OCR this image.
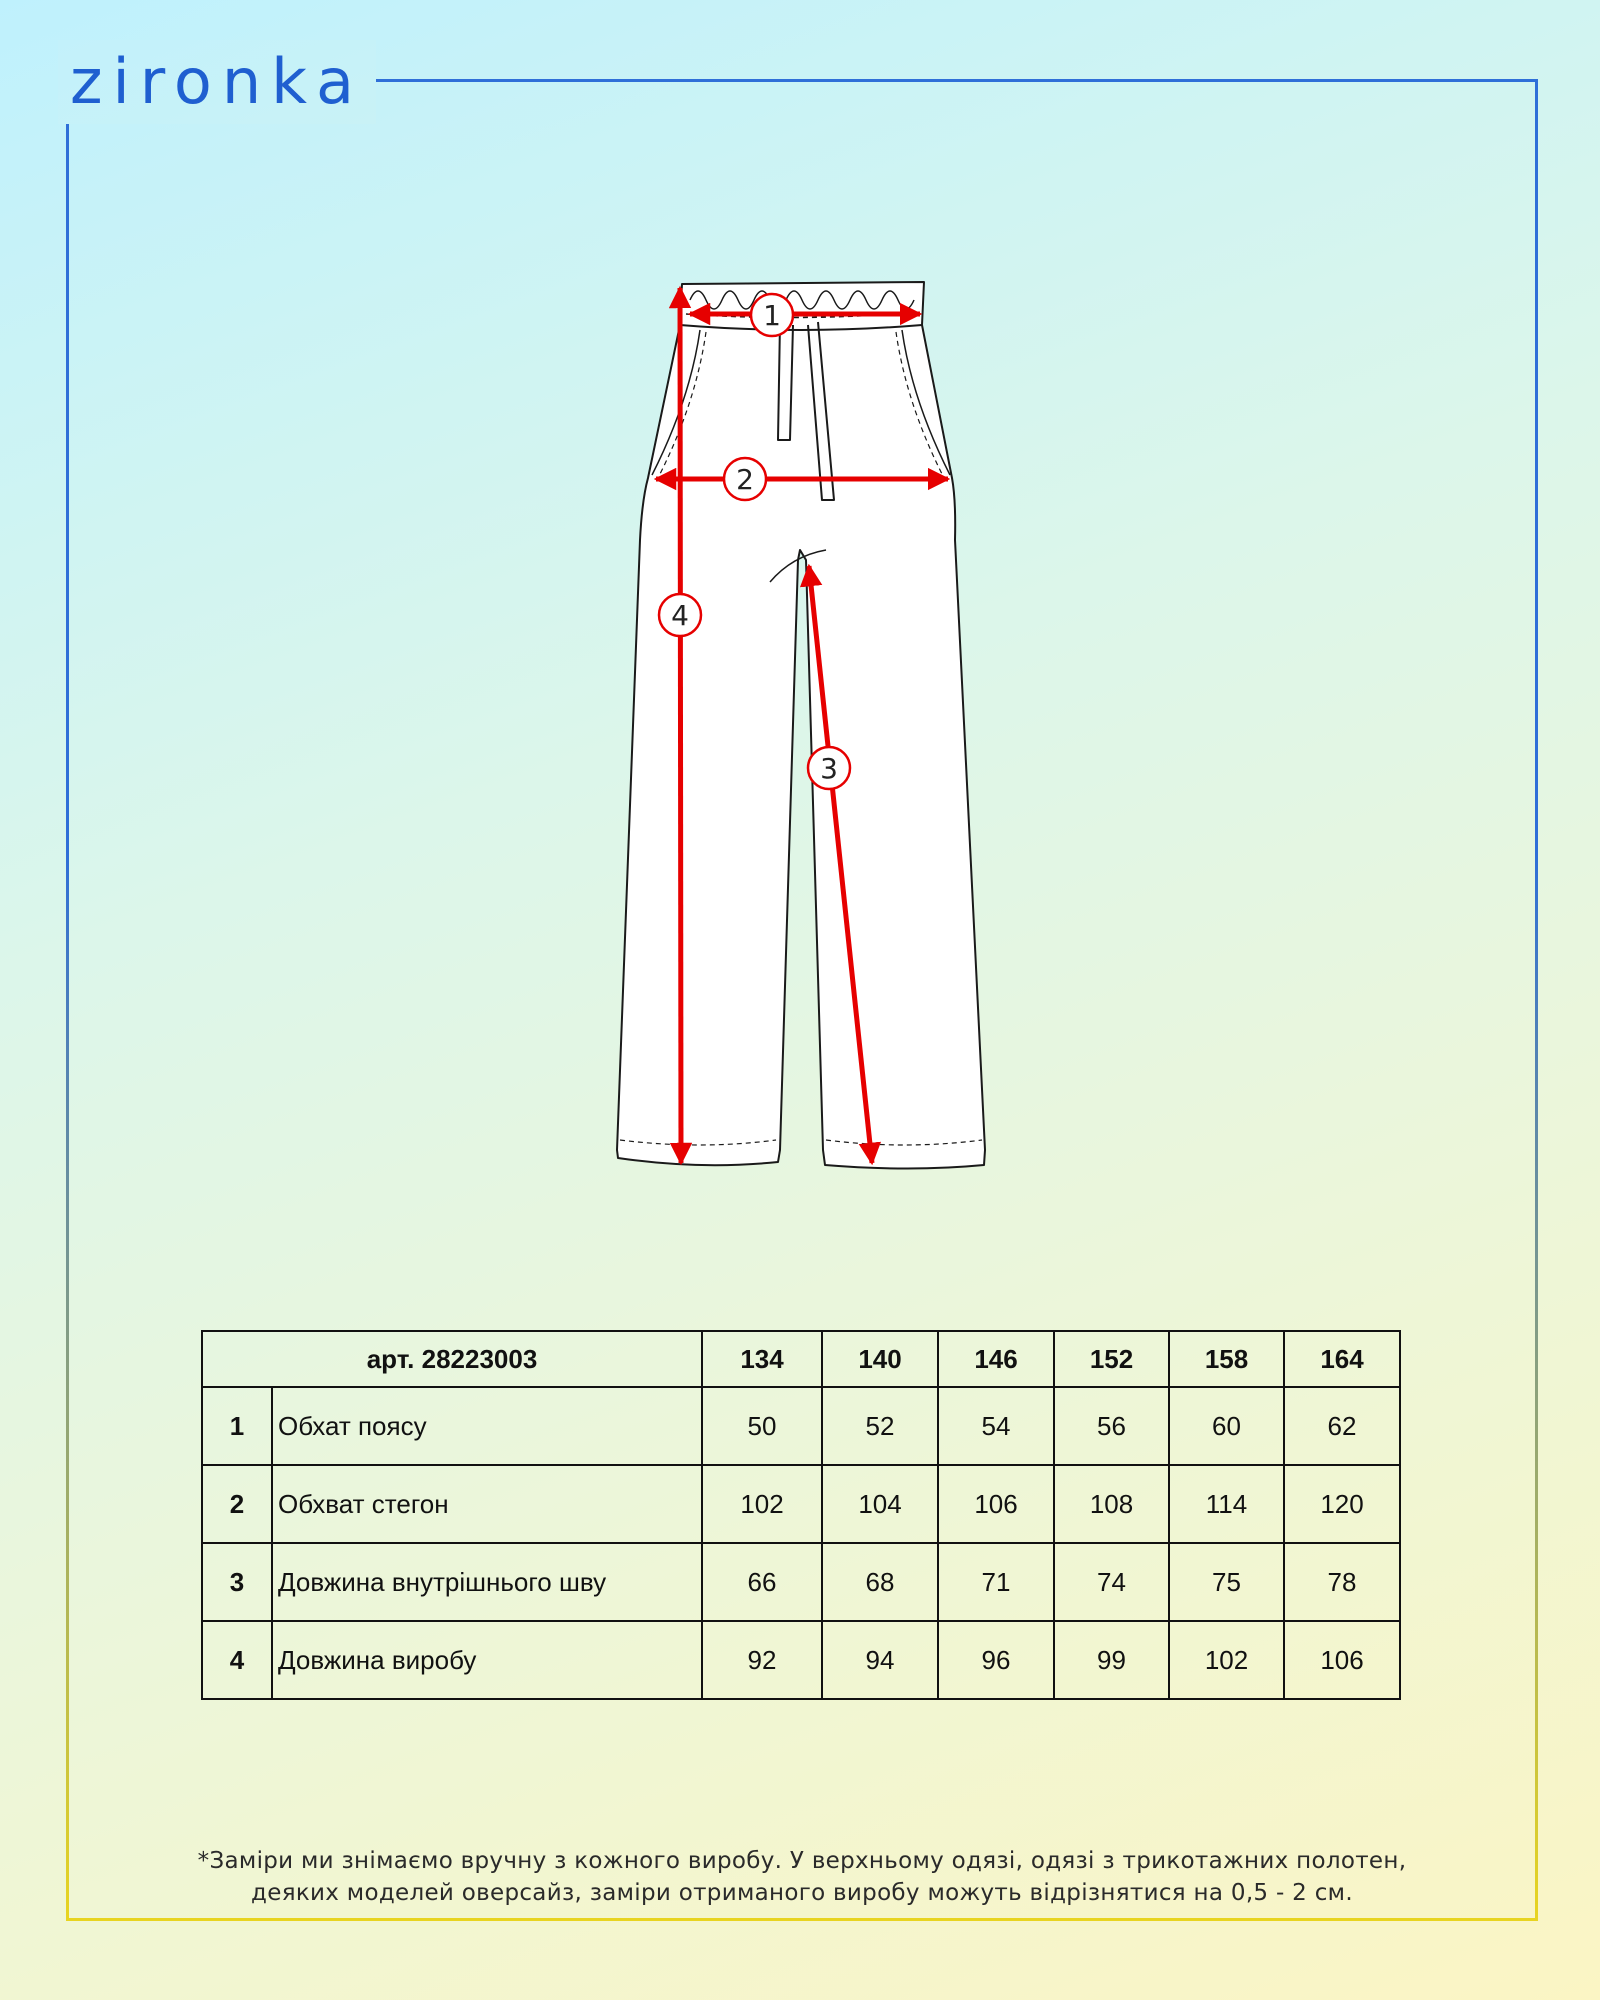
zironka
1
2
3
4
арт. 28223003		134	140	146	152	158	164
1	Обхат поясу	50	52	54	56	60	62
2	Обхват стегон	102	104	106	108	114	120
3	Довжина внутрішнього шву	66	68	71	74	75	78
4	Довжина виробу	92	94	96	99	102	106
*Заміри ми знімаємо вручну з кожного виробу. У верхньому одязі, одязі з трикотажних полотен,
деяких моделей оверсайз, заміри отриманого виробу можуть відрізнятися на 0,5 - 2 см.
